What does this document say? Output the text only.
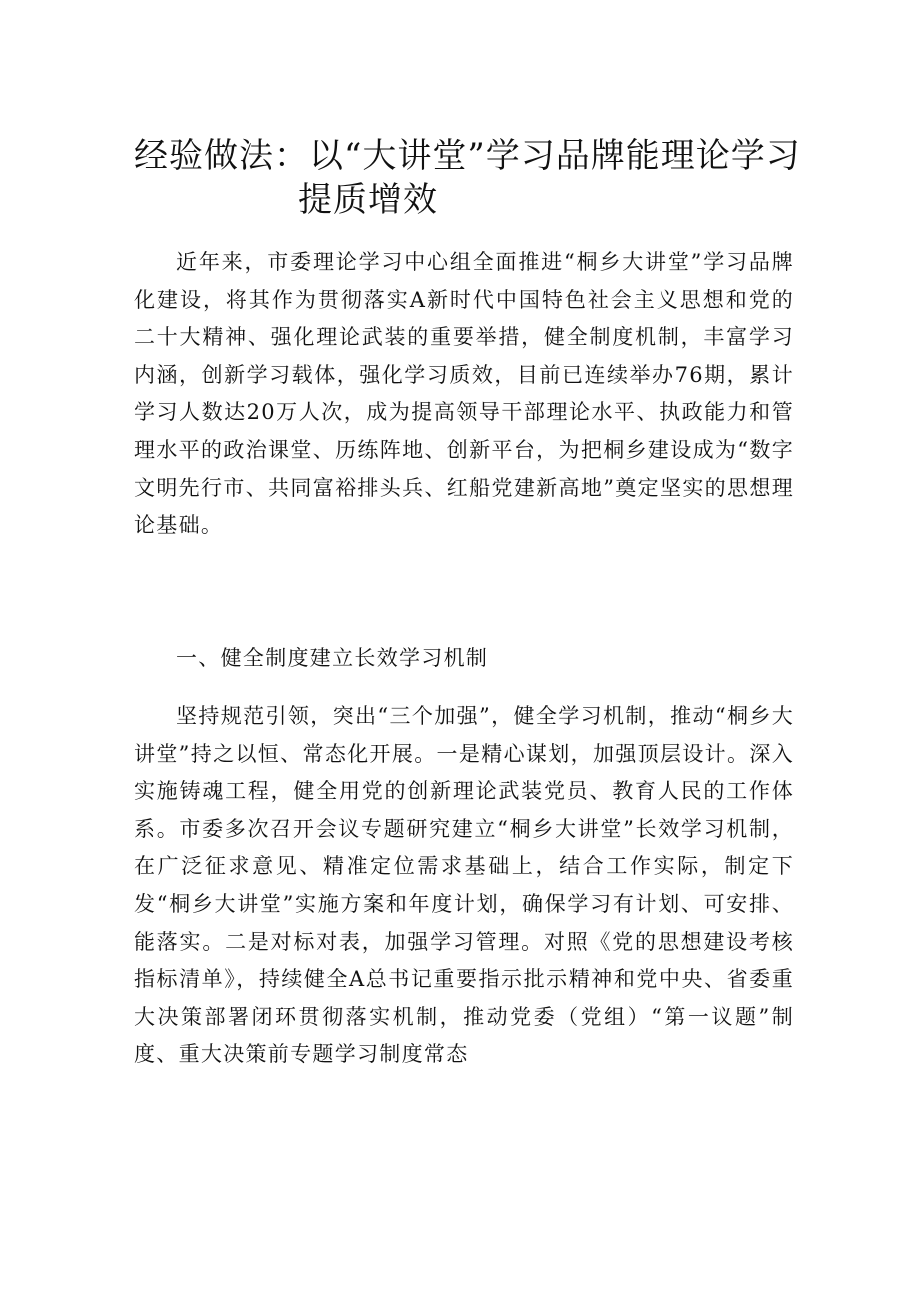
经验做法：以“大讲堂”学习品牌能理论学习
提质增效

近年来，市委理论学习中心组全面推进“桐乡大讲堂”学习品牌化建设，将其作为贯彻落实A新时代中国特色社会主义思想和党的二十大精神、强化理论武装的重要举措，健全制度机制，丰富学习内涵，创新学习载体，强化学习质效，目前已连续举办76期，累计学习人数达20万人次，成为提高领导干部理论水平、执政能力和管理水平的政治课堂、历练阵地、创新平台，为把桐乡建设成为“数字文明先行市、共同富裕排头兵、红船党建新高地”奠定坚实的思想理论基础。

一、健全制度建立长效学习机制

坚持规范引领，突出“三个加强”，健全学习机制，推动“桐乡大讲堂”持之以恒、常态化开展。一是精心谋划，加强顶层设计。深入实施铸魂工程，健全用党的创新理论武装党员、教育人民的工作体系。市委多次召开会议专题研究建立“桐乡大讲堂”长效学习机制，在广泛征求意见、精准定位需求基础上，结合工作实际，制定下发“桐乡大讲堂”实施方案和年度计划，确保学习有计划、可安排、能落实。二是对标对表，加强学习管理。对照《党的思想建设考核指标清单》，持续健全A总书记重要指示批示精神和党中央、省委重大决策部署闭环贯彻落实机制，推动党委（党组）“第一议题”制度、重大决策前专题学习制度常态
